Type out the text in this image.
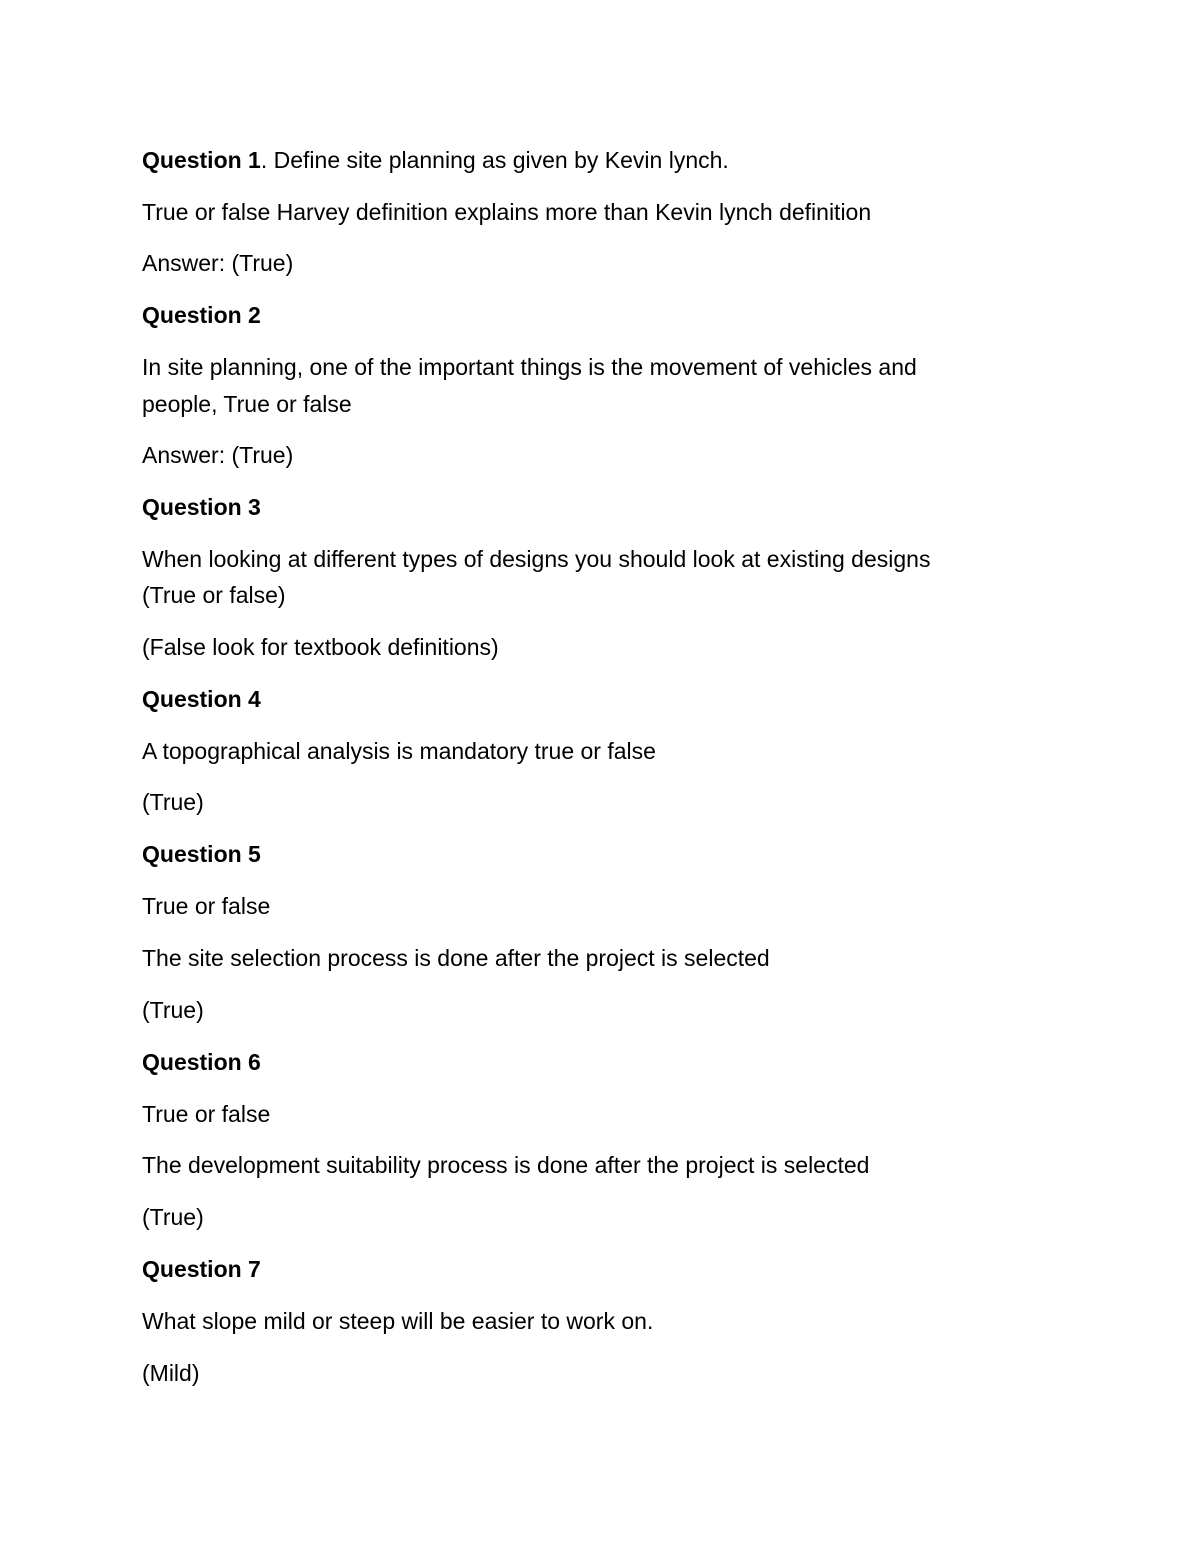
Question 1. Define site planning as given by Kevin lynch.
True or false Harvey definition explains more than Kevin lynch definition
Answer: (True)
Question 2
In site planning, one of the important things is the movement of vehicles and
people, True or false
Answer: (True)
Question 3
When looking at different types of designs you should look at existing designs
(True or false)
(False look for textbook definitions)
Question 4
A topographical analysis is mandatory true or false
(True)
Question 5
True or false
The site selection process is done after the project is selected
(True)
Question 6
True or false
The development suitability process is done after the project is selected
(True)
Question 7
What slope mild or steep will be easier to work on.
(Mild)
